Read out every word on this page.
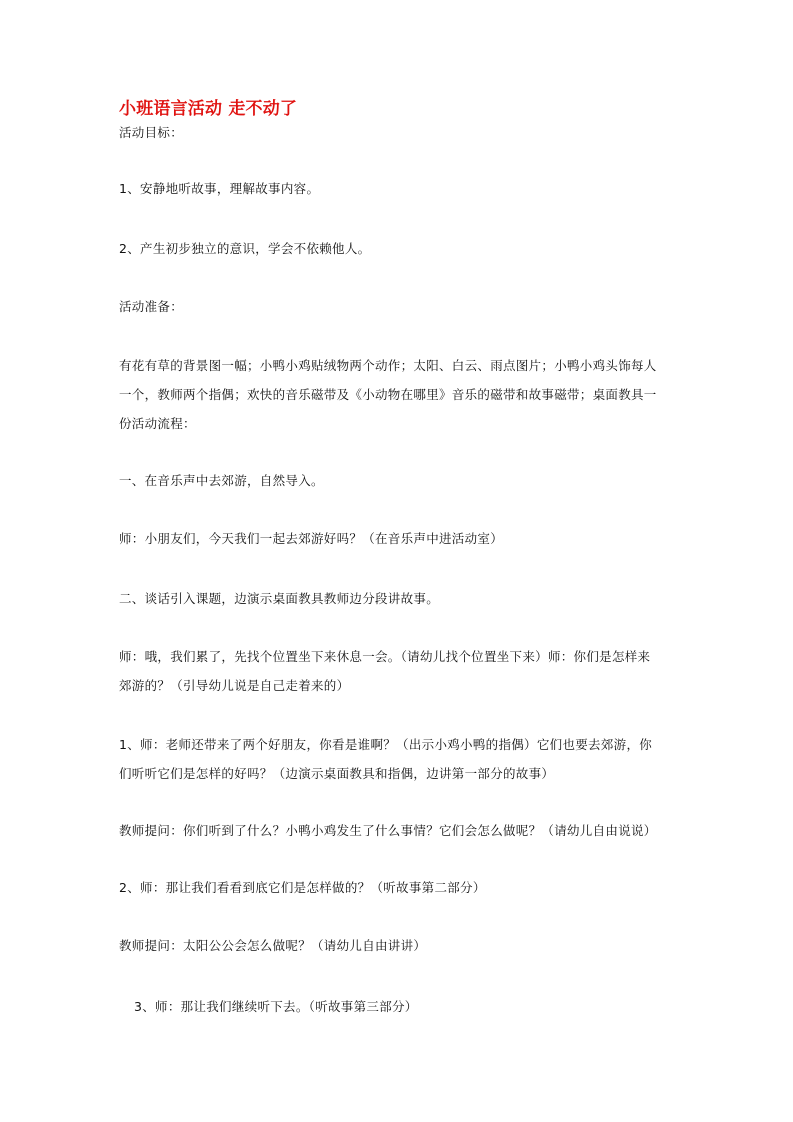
小班语言活动 走不动了
活动目标：
1、安静地听故事，理解故事内容。
2、产生初步独立的意识，学会不依赖他人。
活动准备：
有花有草的背景图一幅；小鸭小鸡贴绒物两个动作；太阳、白云、雨点图片；小鸭小鸡头饰每人
一个，教师两个指偶；欢快的音乐磁带及《小动物在哪里》音乐的磁带和故事磁带；桌面教具一
份活动流程：
一、在音乐声中去郊游，自然导入。
师：小朋友们，今天我们一起去郊游好吗？（在音乐声中进活动室）
二、谈话引入课题，边演示桌面教具教师边分段讲故事。
师：哦，我们累了，先找个位置坐下来休息一会。（请幼儿找个位置坐下来）师：你们是怎样来
郊游的？（引导幼儿说是自己走着来的）
1、师：老师还带来了两个好朋友，你看是谁啊？（出示小鸡小鸭的指偶）它们也要去郊游，你
们听听它们是怎样的好吗？（边演示桌面教具和指偶，边讲第一部分的故事）
教师提问：你们听到了什么？小鸭小鸡发生了什么事情？它们会怎么做呢？（请幼儿自由说说）
2、师：那让我们看看到底它们是怎样做的？（听故事第二部分）
教师提问：太阳公公会怎么做呢？（请幼儿自由讲讲）
3、师：那让我们继续听下去。（听故事第三部分）
